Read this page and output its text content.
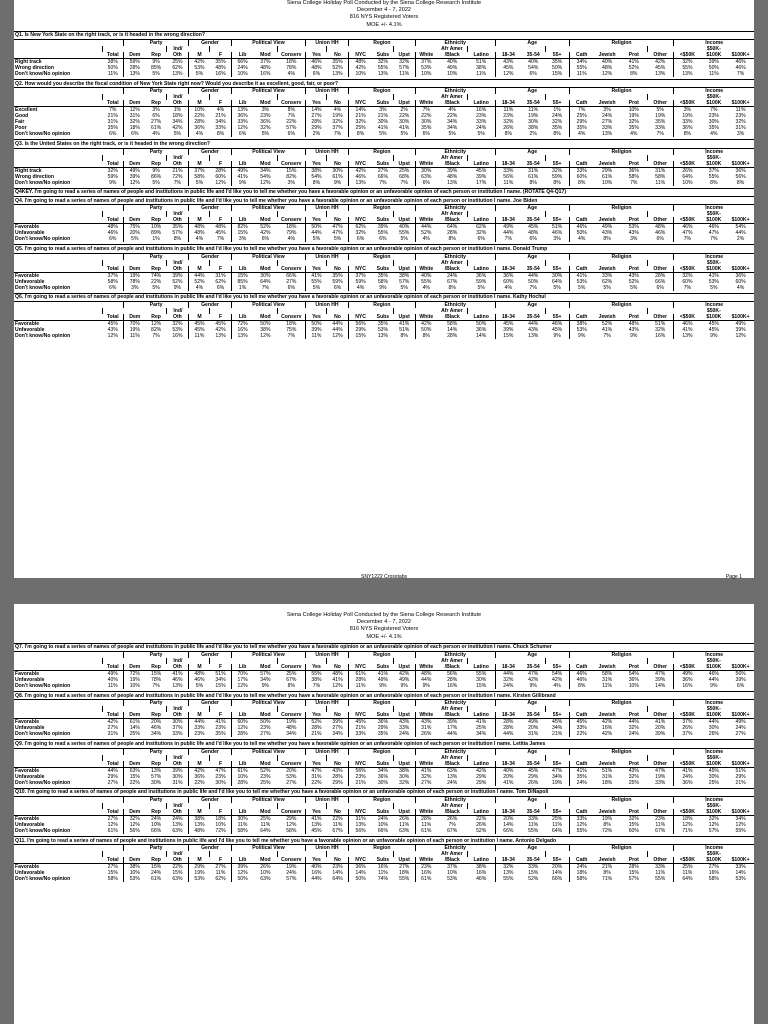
Siena College Holiday Poll Conducted by the Siena College Research Institute
December 4 - 7, 2022
816 NYS Registered Voters
MOE +/- 4.1%
Q1. Is New York State on the right track, or is it headed in the wrong direction?
		Party			Gender		Political View			Union HH		Region			Ethnicity			Age			Religion				Income		
				Ind/												Afr Amer										$50K-	
	Total	Dem	Rep	Oth	M	F	Lib	Mod	Conserv	Yes	No	NYC	Subs	Upst	White	/Black	Latino	18-34	35-54	55+	Cath	Jewish	Prot	Other	<$50K	$100K	$100K+
Right track	38%	59%	9%	25%	42%	35%	66%	37%	18%	46%	35%	48%	32%	32%	37%	40%	51%	43%	40%	35%	34%	40%	41%	42%	32%	39%	46%
Wrong direction	50%	28%	85%	62%	53%	48%	24%	48%	78%	48%	52%	42%	55%	57%	53%	49%	38%	45%	54%	50%	55%	48%	52%	45%	55%	50%	46%
Don't know/No opinion	11%	13%	5%	13%	5%	16%	10%	16%	4%	6%	13%	10%	13%	11%	10%	10%	11%	12%	6%	15%	11%	12%	8%	13%	13%	11%	7%
Q2. How would you describe the fiscal condition of New York State right now? Would you describe it as excellent, good, fair, or poor?
		Party			Gender		Political View			Union HH		Region			Ethnicity			Age			Religion				Income		
				Ind/												Afr Amer										$50K-	
	Total	Dem	Rep	Oth	M	F	Lib	Mod	Conserv	Yes	No	NYC	Subs	Upst	White	/Black	Latino	18-34	35-54	55+	Cath	Jewish	Prot	Other	<$50K	$100K	$100K+
Excellent	7%	12%	3%	1%	10%	4%	13%	3%	8%	14%	4%	14%	3%	2%	7%	4%	16%	11%	11%	1%	7%	3%	10%	5%	3%	7%	11%
Good	21%	31%	6%	18%	22%	21%	36%	23%	7%	27%	19%	21%	21%	22%	22%	22%	23%	23%	19%	24%	25%	24%	19%	19%	19%	23%	23%
Fair	31%	32%	27%	34%	28%	34%	33%	36%	22%	28%	32%	32%	30%	30%	30%	34%	33%	32%	30%	32%	29%	27%	32%	35%	33%	30%	32%
Poor	35%	18%	61%	42%	36%	33%	12%	32%	57%	29%	37%	25%	41%	41%	35%	34%	24%	26%	38%	35%	35%	33%	35%	33%	36%	35%	31%
Don't know/No opinion	6%	6%	4%	5%	4%	8%	6%	5%	6%	2%	7%	8%	5%	5%	6%	5%	5%	8%	2%	8%	4%	13%	4%	7%	8%	4%	3%
Q3. Is the United States on the right track, or is it headed in the wrong direction?
		Party			Gender		Political View			Union HH		Region			Ethnicity			Age			Religion				Income		
				Ind/												Afr Amer										$50K-	
	Total	Dem	Rep	Oth	M	F	Lib	Mod	Conserv	Yes	No	NYC	Subs	Upst	White	/Black	Latino	18-34	35-54	55+	Cath	Jewish	Prot	Other	<$50K	$100K	$100K+
Right track	32%	49%	9%	21%	37%	28%	49%	34%	15%	38%	30%	42%	27%	25%	30%	39%	45%	33%	31%	32%	33%	29%	36%	31%	26%	37%	36%
Wrong direction	59%	39%	86%	72%	58%	60%	41%	54%	82%	54%	61%	46%	66%	68%	63%	48%	39%	56%	61%	59%	60%	61%	58%	58%	64%	55%	56%
Don't know/No opinion	9%	12%	5%	7%	5%	12%	9%	12%	3%	8%	9%	13%	7%	7%	6%	13%	17%	11%	8%	8%	8%	10%	7%	11%	10%	8%	8%
Q4KEY. I'm going to read a series of names of people and institutions in public life and I'd like you to tell me whether you have a favorable opinion or an unfavorable opinion of each person or institution I name. (ROTATE Q4-Q17)
Q4. I'm going to read a series of names of people and institutions in public life and I'd like you to tell me whether you have a favorable opinion or an unfavorable opinion of each person or institution I name. Joe Biden
		Party			Gender		Political View			Union HH		Region			Ethnicity			Age			Religion				Income		
				Ind/												Afr Amer										$50K-	
	Total	Dem	Rep	Oth	M	F	Lib	Mod	Conserv	Yes	No	NYC	Subs	Upst	White	/Black	Latino	18-34	35-54	55+	Cath	Jewish	Prot	Other	<$50K	$100K	$100K+
Favorable	48%	75%	10%	35%	48%	48%	82%	52%	18%	50%	47%	62%	39%	40%	44%	64%	62%	49%	45%	51%	46%	49%	53%	48%	46%	46%	54%
Unfavorable	46%	20%	89%	57%	48%	45%	15%	42%	79%	44%	47%	32%	55%	55%	52%	28%	32%	44%	48%	46%	50%	43%	43%	46%	47%	47%	44%
Don't know/No opinion	6%	5%	1%	8%	4%	7%	3%	6%	4%	5%	5%	6%	6%	5%	4%	8%	6%	7%	6%	3%	4%	8%	3%	6%	7%	7%	2%
Q5. I'm going to read a series of names of people and institutions in public life and I'd like you to tell me whether you have a favorable opinion or an unfavorable opinion of each person or institution I name. Donald Trump
		Party			Gender		Political View			Union HH		Region			Ethnicity			Age			Religion				Income		
				Ind/												Afr Amer										$50K-	
	Total	Dem	Rep	Oth	M	F	Lib	Mod	Conserv	Yes	No	NYC	Subs	Upst	White	/Black	Latino	18-34	35-54	55+	Cath	Jewish	Prot	Other	<$50K	$100K	$100K+
Favorable	37%	19%	74%	39%	44%	31%	15%	30%	66%	41%	35%	37%	35%	38%	40%	24%	36%	36%	44%	30%	41%	33%	43%	28%	32%	41%	36%
Unfavorable	58%	78%	22%	52%	52%	62%	85%	64%	27%	55%	59%	59%	58%	57%	55%	67%	59%	60%	50%	64%	53%	62%	52%	66%	60%	53%	60%
Don't know/No opinion	6%	3%	5%	9%	4%	6%	1%	7%	6%	5%	6%	4%	9%	5%	4%	8%	5%	4%	7%	5%	5%	5%	5%	6%	7%	5%	4%
Q6. I'm going to read a series of names of people and institutions in public life and I'd like you to tell me whether you have a favorable opinion or an unfavorable opinion of each person or institution I name. Kathy Hochul
		Party			Gender		Political View			Union HH		Region			Ethnicity			Age			Religion				Income		
				Ind/												Afr Amer										$50K-	
	Total	Dem	Rep	Oth	M	F	Lib	Mod	Conserv	Yes	No	NYC	Subs	Upst	White	/Black	Latino	18-34	35-54	55+	Cath	Jewish	Prot	Other	<$50K	$100K	$100K+
Favorable	45%	70%	12%	32%	45%	45%	72%	50%	18%	50%	44%	56%	35%	41%	42%	58%	50%	45%	44%	46%	38%	52%	48%	51%	46%	45%	49%
Unfavorable	43%	19%	82%	53%	45%	42%	16%	38%	75%	39%	44%	29%	53%	51%	50%	14%	36%	39%	43%	45%	53%	41%	43%	32%	41%	45%	39%
Don't know/No opinion	12%	11%	7%	16%	11%	13%	13%	12%	7%	11%	12%	15%	13%	8%	8%	28%	14%	15%	13%	9%	9%	7%	9%	16%	13%	9%	12%
SNY1222 Crosstabs	Page 1
Siena College Holiday Poll Conducted by the Siena College Research Institute
December 4 - 7, 2022
816 NYS Registered Voters
MOE +/- 4.1%
Q7. I'm going to read a series of names of people and institutions in public life and I'd like you to tell me whether you have a favorable opinion or an unfavorable opinion of each person or institution I name. Chuck Schumer
		Party			Gender		Political View			Union HH		Region			Ethnicity			Age			Religion				Income		
				Ind/												Afr Amer										$50K-	
	Total	Dem	Rep	Oth	M	F	Lib	Mod	Conserv	Yes	No	NYC	Subs	Upst	White	/Black	Latino	18-34	35-54	55+	Cath	Jewish	Prot	Other	<$50K	$100K	$100K+
Favorable	49%	72%	15%	41%	48%	51%	70%	57%	25%	55%	48%	61%	41%	42%	48%	56%	55%	44%	47%	54%	46%	58%	54%	47%	49%	46%	56%
Unfavorable	40%	19%	78%	46%	46%	34%	17%	34%	67%	38%	41%	28%	49%	49%	44%	28%	30%	32%	42%	42%	46%	31%	36%	39%	36%	44%	39%
Don't know/No opinion	11%	10%	7%	13%	5%	15%	12%	9%	8%	7%	12%	11%	9%	9%	9%	16%	15%	24%	9%	4%	8%	11%	10%	14%	16%	9%	6%
Q8. I'm going to read a series of names of people and institutions in public life and I'd like you to tell me whether you have a favorable opinion or an unfavorable opinion of each person or institution I name. Kirsten Gillibrand
		Party			Gender		Political View			Union HH		Region			Ethnicity			Age			Religion				Income		
				Ind/												Afr Amer										$50K-	
	Total	Dem	Rep	Oth	M	F	Lib	Mod	Conserv	Yes	No	NYC	Subs	Upst	White	/Black	Latino	18-34	35-54	55+	Cath	Jewish	Prot	Other	<$50K	$100K	$100K+
Favorable	42%	61%	20%	30%	44%	41%	60%	50%	19%	52%	39%	45%	36%	43%	43%	39%	41%	28%	49%	45%	45%	42%	44%	41%	37%	44%	49%
Unfavorable	27%	14%	46%	37%	33%	23%	12%	23%	48%	28%	27%	21%	29%	33%	31%	17%	25%	28%	20%	34%	33%	16%	32%	20%	26%	30%	24%
Don't know/No opinion	31%	25%	34%	33%	23%	35%	28%	27%	34%	21%	34%	33%	35%	24%	26%	44%	34%	44%	31%	21%	22%	42%	24%	39%	37%	26%	27%
Q9. I'm going to read a series of names of people and institutions in public life and I'd like you to tell me whether you have a favorable opinion or an unfavorable opinion of each person or institution I name. Letitia James
		Party			Gender		Political View			Union HH		Region			Ethnicity			Age			Religion				Income		
				Ind/												Afr Amer										$50K-	
	Total	Dem	Rep	Oth	M	F	Lib	Mod	Conserv	Yes	No	NYC	Subs	Upst	White	/Black	Latino	18-34	35-54	55+	Cath	Jewish	Prot	Other	<$50K	$100K	$100K+
Favorable	44%	63%	13%	39%	42%	47%	61%	52%	20%	47%	43%	56%	34%	38%	41%	63%	42%	40%	45%	47%	41%	51%	43%	47%	41%	45%	51%
Unfavorable	29%	15%	57%	30%	36%	23%	10%	23%	53%	31%	28%	23%	36%	30%	32%	13%	29%	20%	29%	34%	35%	31%	32%	19%	24%	30%	29%
Don't know/No opinion	27%	22%	30%	31%	22%	30%	28%	25%	27%	22%	29%	21%	30%	32%	27%	24%	29%	41%	26%	19%	24%	18%	25%	33%	36%	25%	21%
Q10. I'm going to read a series of names of people and institutions in public life and I'd like you to tell me whether you have a favorable opinion or an unfavorable opinion of each person or institution I name. Tom DiNapoli
		Party			Gender		Political View			Union HH		Region			Ethnicity			Age			Religion				Income		
				Ind/												Afr Amer										$50K-	
	Total	Dem	Rep	Oth	M	F	Lib	Mod	Conserv	Yes	No	NYC	Subs	Upst	White	/Black	Latino	18-34	35-54	55+	Cath	Jewish	Prot	Other	<$50K	$100K	$100K+
Favorable	27%	32%	24%	24%	38%	18%	30%	25%	29%	41%	22%	31%	24%	26%	28%	26%	22%	20%	33%	25%	33%	19%	32%	23%	18%	32%	34%
Unfavorable	12%	12%	10%	13%	13%	10%	11%	11%	12%	13%	11%	13%	10%	11%	11%	7%	26%	14%	11%	11%	12%	8%	15%	11%	12%	12%	12%
Don't know/No opinion	61%	56%	66%	63%	48%	72%	58%	64%	58%	45%	67%	56%	66%	63%	61%	67%	52%	66%	55%	64%	55%	72%	60%	67%	71%	57%	55%
Q11. I'm going to read a series of names of people and institutions in public life and I'd like you to tell me whether you have a favorable opinion or an unfavorable opinion of each person or institution I name. Antonio Delgado
		Party			Gender		Political View			Union HH		Region			Ethnicity			Age			Religion				Income		
				Ind/												Afr Amer										$50K-	
	Total	Dem	Rep	Oth	M	F	Lib	Mod	Conserv	Yes	No	NYC	Subs	Upst	White	/Black	Latino	18-34	35-54	55+	Cath	Jewish	Prot	Other	<$50K	$100K	$100K+
Favorable	27%	38%	15%	22%	29%	27%	39%	26%	19%	40%	23%	36%	16%	27%	23%	37%	38%	32%	33%	20%	24%	21%	28%	33%	25%	27%	33%
Unfavorable	15%	10%	24%	15%	19%	11%	12%	10%	24%	16%	14%	14%	11%	18%	16%	10%	16%	13%	15%	14%	18%	8%	15%	11%	11%	16%	14%
Don't know/No opinion	58%	53%	61%	63%	53%	62%	50%	63%	57%	44%	64%	50%	74%	55%	61%	53%	46%	55%	52%	66%	58%	71%	57%	55%	64%	58%	53%
